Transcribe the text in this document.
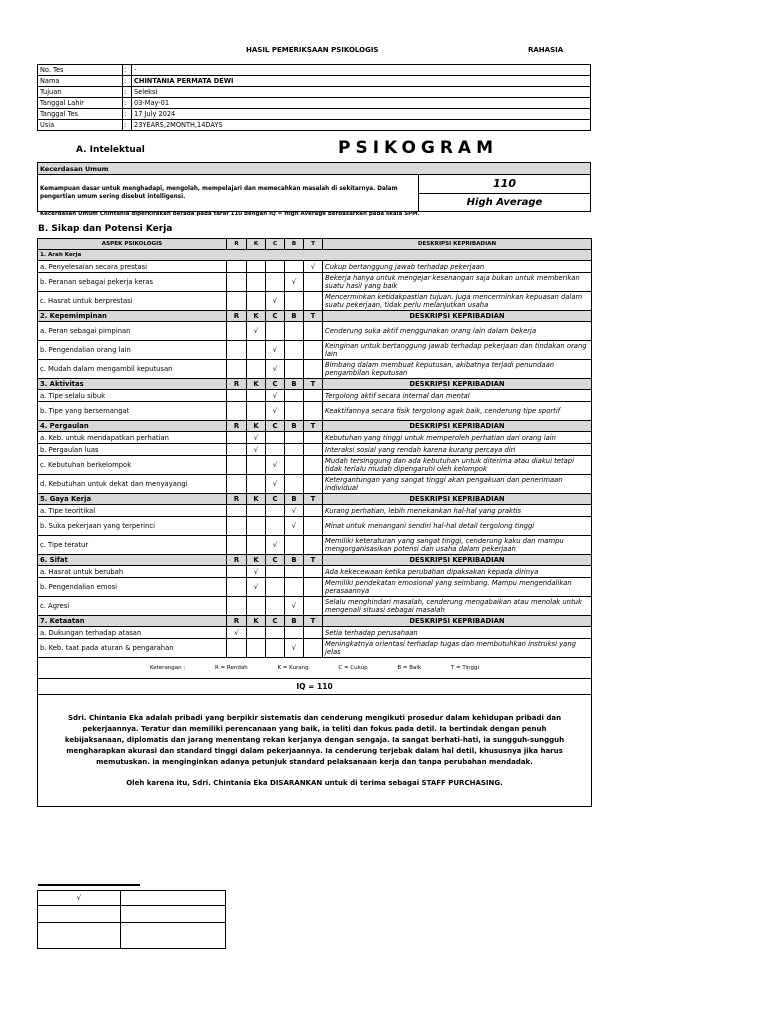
HASIL PEMERIKSAAN PSIKOLOGIS	RAHASIA
No. Tes	:	-
Nama	:	CHINTANIA PERMATA DEWI
Tujuan	:	Seleksi
Tanggal Lahir	:	03-May-01
Tanggal Tes	:	17 July 2024
Usia	:	23YEARS,2MONTH,14DAYS
A. Intelektual	PSIKOGRAM
Kecerdasan Umum
Kemampuan dasar untuk menghadapi, mengolah, mempelajari dan memecahkan masalah di sekitarnya. Dalam pengertian umum sering disebut intelligensi.	110
High Average
Kecerdasan Umum Chintania diperkirakan berada pada taraf 110 dengan IQ = High Average berdasarkan pada skala SPM.
B. Sikap dan Potensi Kerja
ASPEK PSIKOLOGIS	R	K	C	B	T	DESKRIPSI KEPRIBADIAN
1. Arah Kerja						
a. Penyelesaian secara prestasi					√	Cukup bertanggung jawab terhadap pekerjaan
b. Peranan sebagai pekerja keras				√		Bekerja hanya untuk mengejar kesenangan saja bukan untuk memberikan suatu hasil yang baik
c. Hasrat untuk berprestasi			√			Mencerminkan ketidakpastian tujuan. Juga mencerminkan kepuasan dalam suatu pekerjaan, tidak perlu melanjutkan usaha
2. Kepemimpinan	R	K	C	B	T	DESKRIPSI KEPRIBADIAN
a. Peran sebagai pimpinan		√				Cenderung suka aktif menggunakan orang lain dalam bekerja
b. Pengendalian orang lain			√			Keinginan untuk bertanggung jawab terhadap pekerjaan dan tindakan orang lain
c. Mudah dalam mengambil keputusan			√			Bimbang dalam membuat keputusan, akibatnya terjadi penundaan pengambilan keputusan
3. Aktivitas	R	K	C	B	T	DESKRIPSI KEPRIBADIAN
a. Tipe selalu sibuk			√			Tergolong aktif secara internal dan mental
b. Tipe yang bersemangat			√			Keaktifannya secara fisik tergolong agak baik, cenderung tipe sportif
4. Pergaulan	R	K	C	B	T	DESKRIPSI KEPRIBADIAN
a. Keb. untuk mendapatkan perhatian		√				Kebutuhan yang tinggi untuk memperoleh perhatian dari orang lain
b. Pergaulan luas		√				Interaksi sosial yang rendah karena kurang percaya diri
c. Kebutuhan berkelompok			√			Mudah tersinggung dan ada kebutuhan untuk diterima atau diakui tetapi tidak terlalu mudah dipengaruhi oleh kelompok
d. Kebutuhan untuk dekat dan menyayangi			√			Ketergantungan yang sangat tinggi akan pengakuan dan penerimaan individual
5. Gaya Kerja	R	K	C	B	T	DESKRIPSI KEPRIBADIAN
a. Tipe teoritikal				√		Kurang perhatian, lebih menekankan hal-hal yang praktis
b. Suka pekerjaan yang terperinci				√		Minat untuk menangani sendiri hal-hal detail tergolong tinggi
c. Tipe teratur			√			Memiliki keteraturan yang sangat tinggi, cenderung kaku dan mampu mengorganisasikan potensi dan usaha dalam pekerjaan
6. Sifat	R	K	C	B	T	DESKRIPSI KEPRIBADIAN
a. Hasrat untuk berubah		√				Ada kekecewaan ketika perubahan dipaksakan kepada dirinya
b. Pengendalian emosi		√				Memiliki pendekatan emosional yang seimbang. Mampu mengendalikan perasaannya
c. Agresi				√		Selalu menghindari masalah, cenderung mengabaikan atau menolak untuk mengenali situasi sebagai masalah
7. Ketaatan	R	K	C	B	T	DESKRIPSI KEPRIBADIAN
a. Dukungan terhadap atasan	√					Setia terhadap perusahaan
b. Keb. taat pada aturan & pengarahan				√		Meningkatnya orientasi terhadap tugas dan membutuhkan instruksi yang jelas
Keterangan : R = Rendah K = Kurang C = Cukup B = Baik T = Tinggi						
IQ = 110						

Sdri. Chintania Eka adalah pribadi yang berpikir sistematis dan cenderung mengikuti prosedur dalam kehidupan pribadi dan pekerjaannya. Teratur dan memiliki perencanaan yang baik, ia teliti dan fokus pada detil. Ia bertindak dengan penuh kebijaksanaan, diplomatis dan jarang menentang rekan kerjanya dengan sengaja. Ia sangat berhati-hati, ia sungguh-sungguh mengharapkan akurasi dan standard tinggi dalam pekerjaannya. Ia cenderung terjebak dalam hal detil, khususnya jika harus memutuskan. ia menginginkan adanya petunjuk standard pelaksanaan kerja dan tanpa perubahan mendadak.
Oleh karena itu, Sdri. Chintania Eka DISARANKAN untuk di terima sebagai STAFF PURCHASING.						
√	
